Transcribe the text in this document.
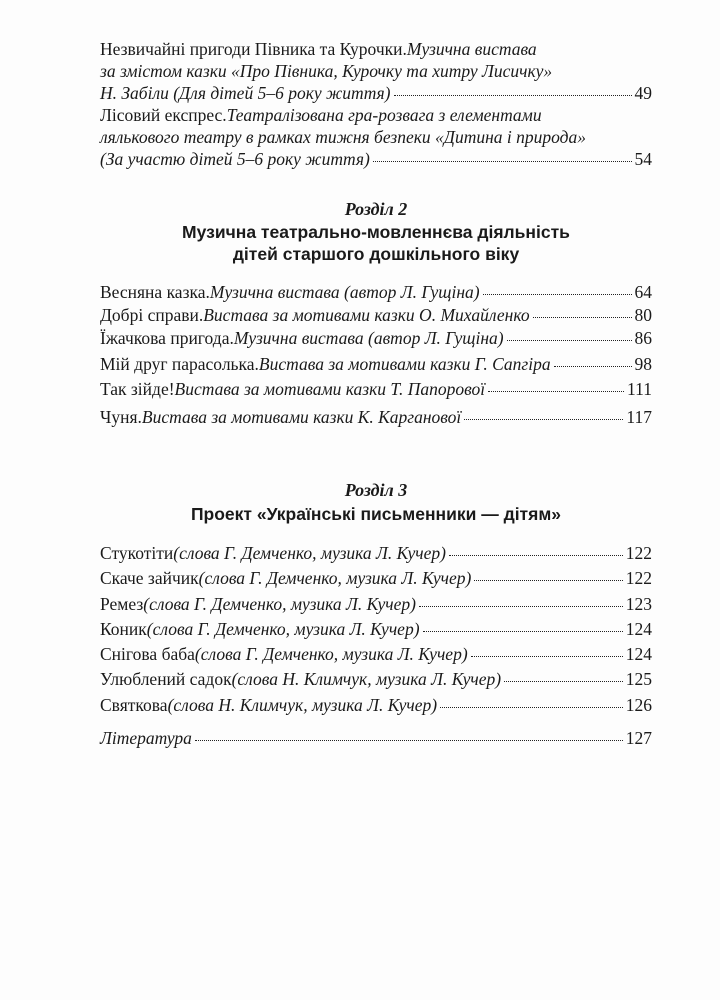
Незвичайні пригоди Півника та Курочки. Музична вистава
за змістом казки «Про Півника, Курочку та хитру Лисичку»
Н. Забіли (Для дітей 5–6 року життя)	49
Лісовий експрес. Театралізована гра-розвага з елементами
лялькового театру в рамках тижня безпеки «Дитина і природа»
(За участю дітей 5–6 року життя)	54
Розділ 2
Музична театрально-мовленнєва діяльність
дітей старшого дошкільного віку
Весняна казка. Музична вистава (автор Л. Гущіна)	64
Добрі справи. Вистава за мотивами казки О. Михайленко	80
Їжачкова пригода. Музична вистава (автор Л. Гущіна)	86
Мій друг парасолька. Вистава за мотивами казки Г. Сапгіра	98
Так зійде! Вистава за мотивами казки Т. Папорової	111
Чуня. Вистава за мотивами казки К. Карганової	117
Розділ 3
Проект «Українські письменники — дітям»
Стукотіти (слова Г. Демченко, музика Л. Кучер)	122
Скаче зайчик (слова Г. Демченко, музика Л. Кучер)	122
Ремез (слова Г. Демченко, музика Л. Кучер)	123
Коник (слова Г. Демченко, музика Л. Кучер)	124
Снігова баба (слова Г. Демченко, музика Л. Кучер)	124
Улюблений садок (слова Н. Климчук, музика Л. Кучер)	125
Святкова (слова Н. Климчук, музика Л. Кучер)	126
Література	127
